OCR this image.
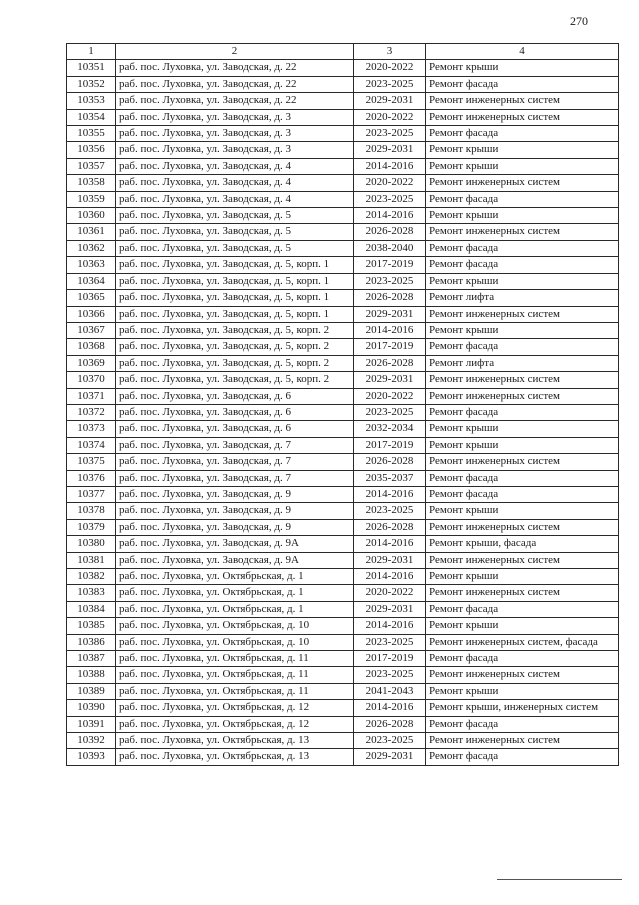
270
1	2	3	4
10351	раб. пос. Луховка, ул. Заводская, д. 22	2020-2022	Ремонт крыши
10352	раб. пос. Луховка, ул. Заводская, д. 22	2023-2025	Ремонт фасада
10353	раб. пос. Луховка, ул. Заводская, д. 22	2029-2031	Ремонт инженерных систем
10354	раб. пос. Луховка, ул. Заводская, д. 3	2020-2022	Ремонт инженерных систем
10355	раб. пос. Луховка, ул. Заводская, д. 3	2023-2025	Ремонт фасада
10356	раб. пос. Луховка, ул. Заводская, д. 3	2029-2031	Ремонт крыши
10357	раб. пос. Луховка, ул. Заводская, д. 4	2014-2016	Ремонт крыши
10358	раб. пос. Луховка, ул. Заводская, д. 4	2020-2022	Ремонт инженерных систем
10359	раб. пос. Луховка, ул. Заводская, д. 4	2023-2025	Ремонт фасада
10360	раб. пос. Луховка, ул. Заводская, д. 5	2014-2016	Ремонт крыши
10361	раб. пос. Луховка, ул. Заводская, д. 5	2026-2028	Ремонт инженерных систем
10362	раб. пос. Луховка, ул. Заводская, д. 5	2038-2040	Ремонт фасада
10363	раб. пос. Луховка, ул. Заводская, д. 5, корп. 1	2017-2019	Ремонт фасада
10364	раб. пос. Луховка, ул. Заводская, д. 5, корп. 1	2023-2025	Ремонт крыши
10365	раб. пос. Луховка, ул. Заводская, д. 5, корп. 1	2026-2028	Ремонт лифта
10366	раб. пос. Луховка, ул. Заводская, д. 5, корп. 1	2029-2031	Ремонт инженерных систем
10367	раб. пос. Луховка, ул. Заводская, д. 5, корп. 2	2014-2016	Ремонт крыши
10368	раб. пос. Луховка, ул. Заводская, д. 5, корп. 2	2017-2019	Ремонт фасада
10369	раб. пос. Луховка, ул. Заводская, д. 5, корп. 2	2026-2028	Ремонт лифта
10370	раб. пос. Луховка, ул. Заводская, д. 5, корп. 2	2029-2031	Ремонт инженерных систем
10371	раб. пос. Луховка, ул. Заводская, д. 6	2020-2022	Ремонт инженерных систем
10372	раб. пос. Луховка, ул. Заводская, д. 6	2023-2025	Ремонт фасада
10373	раб. пос. Луховка, ул. Заводская, д. 6	2032-2034	Ремонт крыши
10374	раб. пос. Луховка, ул. Заводская, д. 7	2017-2019	Ремонт крыши
10375	раб. пос. Луховка, ул. Заводская, д. 7	2026-2028	Ремонт инженерных систем
10376	раб. пос. Луховка, ул. Заводская, д. 7	2035-2037	Ремонт фасада
10377	раб. пос. Луховка, ул. Заводская, д. 9	2014-2016	Ремонт фасада
10378	раб. пос. Луховка, ул. Заводская, д. 9	2023-2025	Ремонт крыши
10379	раб. пос. Луховка, ул. Заводская, д. 9	2026-2028	Ремонт инженерных систем
10380	раб. пос. Луховка, ул. Заводская, д. 9А	2014-2016	Ремонт крыши, фасада
10381	раб. пос. Луховка, ул. Заводская, д. 9А	2029-2031	Ремонт инженерных систем
10382	раб. пос. Луховка, ул. Октябрьская, д. 1	2014-2016	Ремонт крыши
10383	раб. пос. Луховка, ул. Октябрьская, д. 1	2020-2022	Ремонт инженерных систем
10384	раб. пос. Луховка, ул. Октябрьская, д. 1	2029-2031	Ремонт фасада
10385	раб. пос. Луховка, ул. Октябрьская, д. 10	2014-2016	Ремонт крыши
10386	раб. пос. Луховка, ул. Октябрьская, д. 10	2023-2025	Ремонт инженерных систем, фасада
10387	раб. пос. Луховка, ул. Октябрьская, д. 11	2017-2019	Ремонт фасада
10388	раб. пос. Луховка, ул. Октябрьская, д. 11	2023-2025	Ремонт инженерных систем
10389	раб. пос. Луховка, ул. Октябрьская, д. 11	2041-2043	Ремонт крыши
10390	раб. пос. Луховка, ул. Октябрьская, д. 12	2014-2016	Ремонт крыши, инженерных систем
10391	раб. пос. Луховка, ул. Октябрьская, д. 12	2026-2028	Ремонт фасада
10392	раб. пос. Луховка, ул. Октябрьская, д. 13	2023-2025	Ремонт инженерных систем
10393	раб. пос. Луховка, ул. Октябрьская, д. 13	2029-2031	Ремонт фасада
